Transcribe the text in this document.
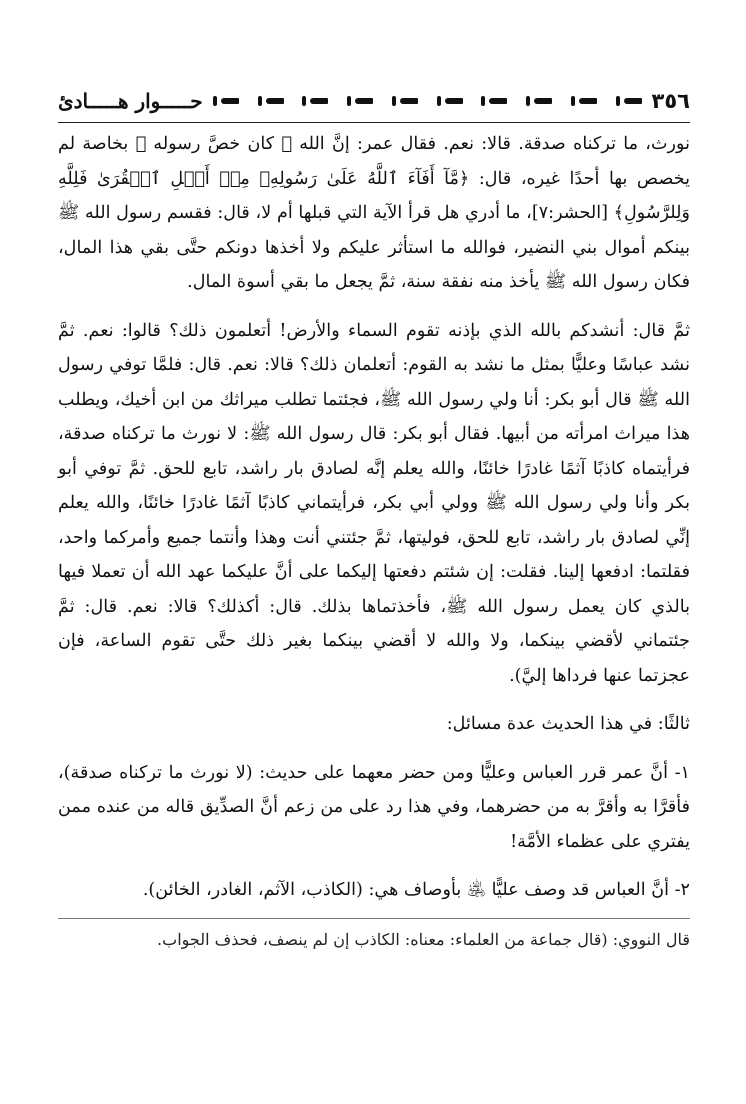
٣٥٦
حـــــوار هـــــادئ

نورث، ما تركناه صدقة. قالا: نعم. فقال عمر: إنَّ الله ﷻ كان خصَّ رسوله ﷺ بخاصة لم يخصص بها أحدًا غيره، قال: ﴿مَّآ أَفَآءَ ٱللَّهُ عَلَىٰ رَسُولِهِۦ مِنۡ أَهۡلِ ٱلۡقُرَىٰ فَلِلَّهِ وَلِلرَّسُولِ﴾ [الحشر:٧]، ما أدري هل قرأ الآية التي قبلها أم لا، قال: فقسم رسول الله ﷺ بينكم أموال بني النضير، فوالله ما استأثر عليكم ولا أخذها دونكم حتَّى بقي هذا المال، فكان رسول الله ﷺ يأخذ منه نفقة سنة، ثمَّ يجعل ما بقي أسوة المال.

ثمَّ قال: أنشدكم بالله الذي بإذنه تقوم السماء والأرض! أتعلمون ذلك؟ قالوا: نعم. ثمَّ نشد عباسًا وعليًّا بمثل ما نشد به القوم: أتعلمان ذلك؟ قالا: نعم. قال: فلمَّا توفي رسول الله ﷺ قال أبو بكر: أنا ولي رسول الله ﷺ، فجئتما تطلب ميراثك من ابن أخيك، ويطلب هذا ميراث امرأته من أبيها. فقال أبو بكر: قال رسول الله ﷺ: لا نورث ما تركناه صدقة، فرأيتماه كاذبًا آثمًا غادرًا خائنًا، والله يعلم إنَّه لصادق بار راشد، تابع للحق. ثمَّ توفي أبو بكر وأنا ولي رسول الله ﷺ وولي أبي بكر، فرأيتماني كاذبًا آثمًا غادرًا خائنًا، والله يعلم إنِّي لصادق بار راشد، تابع للحق، فوليتها، ثمَّ جئتني أنت وهذا وأنتما جميع وأمركما واحد، فقلتما: ادفعها إلينا. فقلت: إن شئتم دفعتها إليكما على أنَّ عليكما عهد الله أن تعملا فيها بالذي كان يعمل رسول الله ﷺ، فأخذتماها بذلك. قال: أكذلك؟ قالا: نعم. قال: ثمَّ جئتماني لأقضي بينكما، ولا والله لا أقضي بينكما بغير ذلك حتَّى تقوم الساعة، فإن عجزتما عنها فرداها إليَّ).

ثالثًا: في هذا الحديث عدة مسائل:

١- أنَّ عمر قرر العباس وعليًّا ومن حضر معهما على حديث: (لا نورث ما تركناه صدقة)، فأقرَّا به وأقرَّ به من حضرهما، وفي هذا رد على من زعم أنَّ الصدِّيق قاله من عنده ممن يفتري على عظماء الأمَّة!

٢- أنَّ العباس قد وصف عليًّا ﵁ بأوصاف هي: (الكاذب، الآثم، الغادر، الخائن).

قال النووي: (قال جماعة من العلماء: معناه: الكاذب إن لم ينصف، فحذف الجواب.
